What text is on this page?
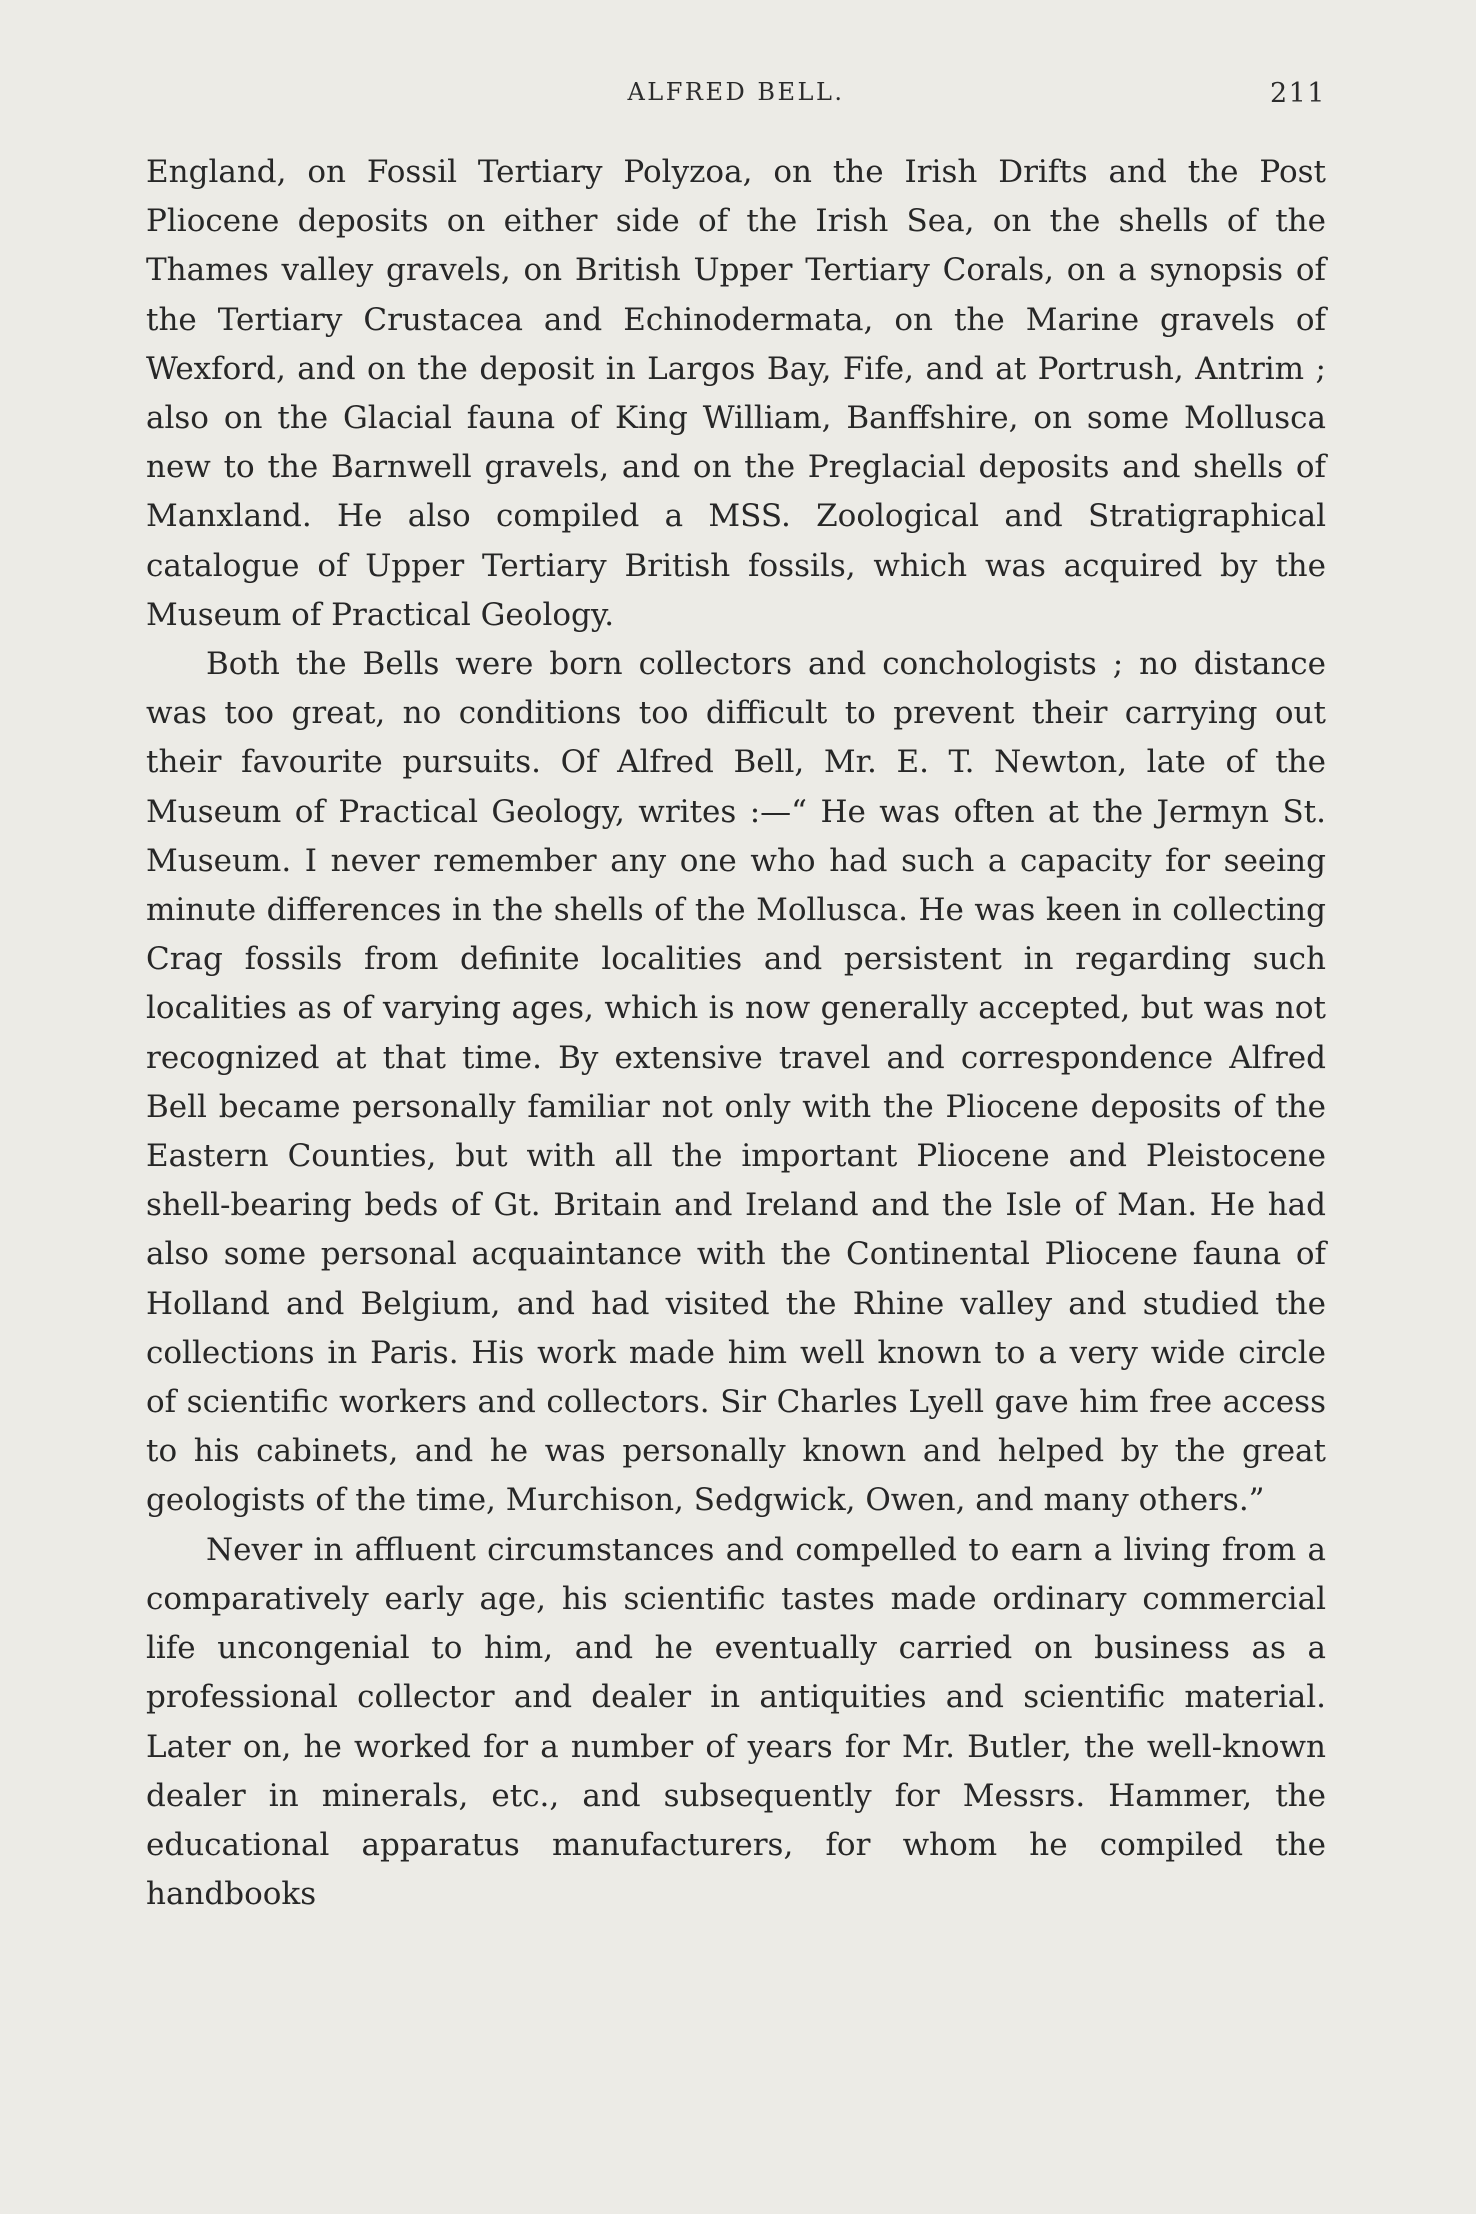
ALFRED BELL.	211

England, on Fossil Tertiary Polyzoa, on the Irish Drifts and the Post Pliocene deposits on either side of the Irish Sea, on the shells of the Thames valley gravels, on British Upper Tertiary Corals, on a synopsis of the Tertiary Crustacea and Echinodermata, on the Marine gravels of Wexford, and on the deposit in Largos Bay, Fife, and at Portrush, Antrim ; also on the Glacial fauna of King William, Banffshire, on some Mollusca new to the Barnwell gravels, and on the Preglacial deposits and shells of Manxland. He also compiled a MSS. Zoological and Stratigraphical catalogue of Upper Tertiary British fossils, which was acquired by the Museum of Practical Geology.

Both the Bells were born collectors and conchologists ; no distance was too great, no conditions too difficult to prevent their carrying out their favourite pursuits. Of Alfred Bell, Mr. E. T. Newton, late of the Museum of Practical Geology, writes :—“ He was often at the Jermyn St. Museum. I never remember any one who had such a capacity for seeing minute differences in the shells of the Mollusca. He was keen in collecting Crag fossils from definite localities and persistent in regarding such localities as of varying ages, which is now generally accepted, but was not recognized at that time. By extensive travel and correspondence Alfred Bell became personally familiar not only with the Pliocene deposits of the Eastern Counties, but with all the important Pliocene and Pleistocene shell-bearing beds of Gt. Britain and Ireland and the Isle of Man. He had also some personal acquaintance with the Continental Pliocene fauna of Holland and Belgium, and had visited the Rhine valley and studied the collections in Paris. His work made him well known to a very wide circle of scientific workers and collectors. Sir Charles Lyell gave him free access to his cabinets, and he was personally known and helped by the great geologists of the time, Murchison, Sedgwick, Owen, and many others.”

Never in affluent circumstances and compelled to earn a living from a comparatively early age, his scientific tastes made ordinary commercial life uncongenial to him, and he eventually carried on business as a professional collector and dealer in antiquities and scientific material. Later on, he worked for a number of years for Mr. Butler, the well-known dealer in minerals, etc., and subsequently for Messrs. Hammer, the educational apparatus manufacturers, for whom he compiled the handbooks
